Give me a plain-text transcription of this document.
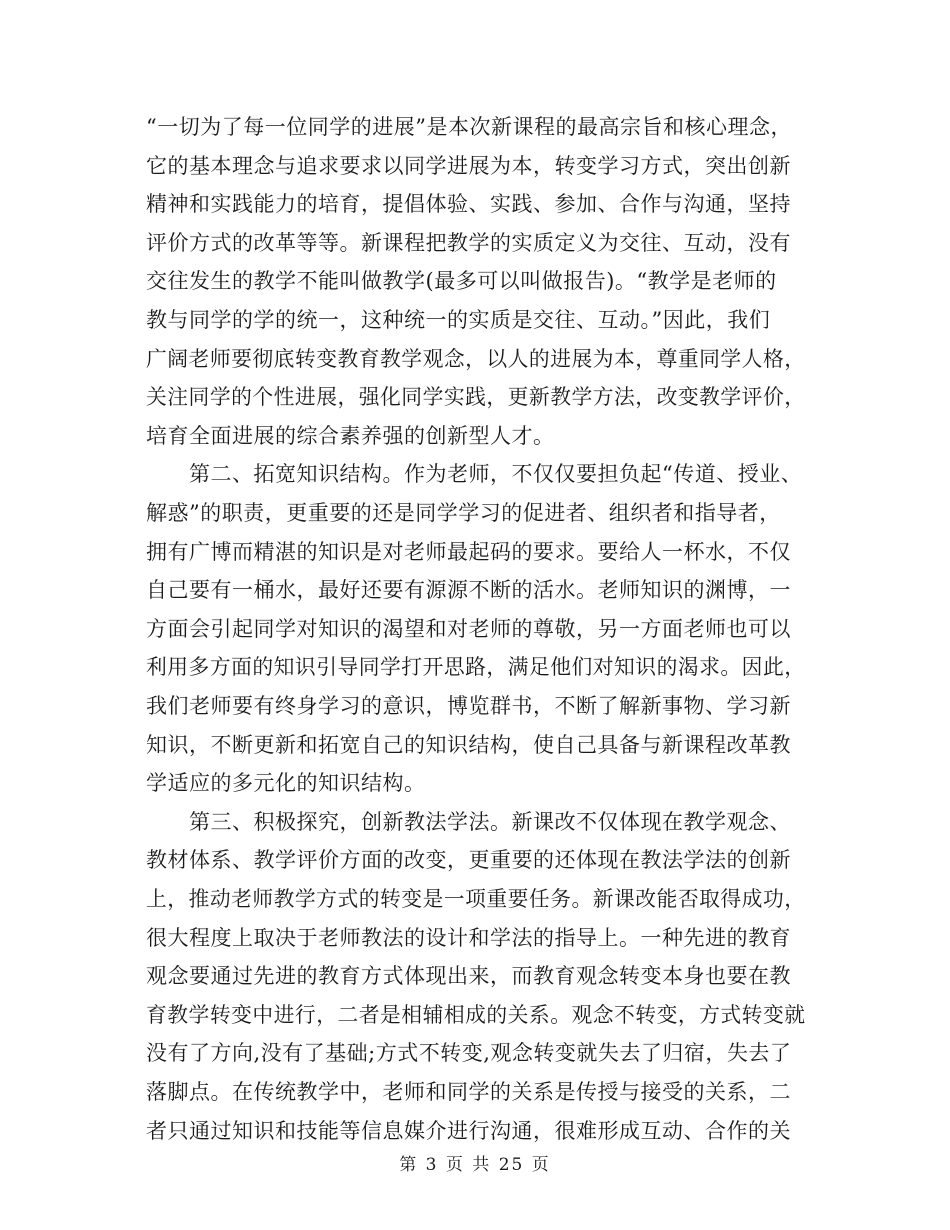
“一切为了每一位同学的进展”是本次新课程的最高宗旨和核心理念，
它的基本理念与追求要求以同学进展为本，转变学习方式，突出创新
精神和实践能力的培育，提倡体验、实践、参加、合作与沟通，坚持
评价方式的改革等等。新课程把教学的实质定义为交往、互动，没有
交往发生的教学不能叫做教学(最多可以叫做报告)。“教学是老师的
教与同学的学的统一，这种统一的实质是交往、互动。”因此，我们
广阔老师要彻底转变教育教学观念，以人的进展为本，尊重同学人格，
关注同学的个性进展，强化同学实践，更新教学方法，改变教学评价，
培育全面进展的综合素养强的创新型人才。
　　第二、拓宽知识结构。作为老师，不仅仅要担负起“传道、授业、
解惑”的职责，更重要的还是同学学习的促进者、组织者和指导者，
拥有广博而精湛的知识是对老师最起码的要求。要给人一杯水，不仅
自己要有一桶水，最好还要有源源不断的活水。老师知识的渊博，一
方面会引起同学对知识的渴望和对老师的尊敬，另一方面老师也可以
利用多方面的知识引导同学打开思路，满足他们对知识的渴求。因此，
我们老师要有终身学习的意识，博览群书，不断了解新事物、学习新
知识，不断更新和拓宽自己的知识结构，使自己具备与新课程改革教
学适应的多元化的知识结构。
　　第三、积极探究，创新教法学法。新课改不仅体现在教学观念、
教材体系、教学评价方面的改变，更重要的还体现在教法学法的创新
上，推动老师教学方式的转变是一项重要任务。新课改能否取得成功，
很大程度上取决于老师教法的设计和学法的指导上。一种先进的教育
观念要通过先进的教育方式体现出来，而教育观念转变本身也要在教
育教学转变中进行，二者是相辅相成的关系。观念不转变，方式转变就
没有了方向,没有了基础;方式不转变,观念转变就失去了归宿，失去了
落脚点。在传统教学中，老师和同学的关系是传授与接受的关系，二
者只通过知识和技能等信息媒介进行沟通，很难形成互动、合作的关
第 3 页 共 25 页
